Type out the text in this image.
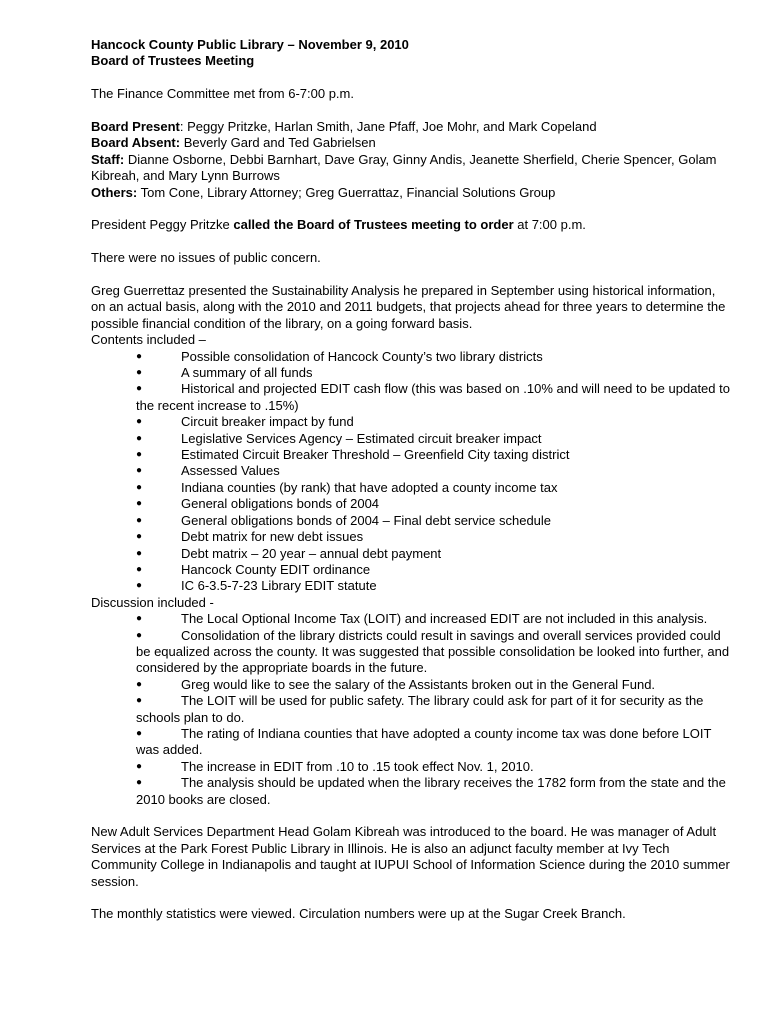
Hancock County Public Library – November 9, 2010

Board of Trustees Meeting

The Finance Committee met from 6-7:00 p.m.

Board Present: Peggy Pritzke, Harlan Smith, Jane Pfaff, Joe Mohr, and Mark Copeland

Board Absent: Beverly Gard and Ted Gabrielsen

Staff: Dianne Osborne, Debbi Barnhart, Dave Gray, Ginny Andis, Jeanette Sherfield, Cherie Spencer, Golam Kibreah, and Mary Lynn Burrows

Others: Tom Cone, Library Attorney; Greg Guerrattaz, Financial Solutions Group

President Peggy Pritzke called the Board of Trustees meeting to order at 7:00 p.m.

There were no issues of public concern.

Greg Guerrettaz presented the Sustainability Analysis he prepared in September using historical information, on an actual basis, along with the 2010 and 2011 budgets, that projects ahead for three years to determine the possible financial condition of the library, on a going forward basis.

Contents included –

●	Possible consolidation of Hancock County’s two library districts
●	A summary of all funds
●	Historical and projected EDIT cash flow (this was based on .10% and will need to be updated to the recent increase to .15%)
●	Circuit breaker impact by fund
●	Legislative Services Agency – Estimated circuit breaker impact
●	Estimated Circuit Breaker Threshold – Greenfield City taxing district
●	Assessed Values
●	Indiana counties (by rank) that have adopted a county income tax
●	General obligations bonds of 2004
●	General obligations bonds of 2004 – Final debt service schedule
●	Debt matrix for new debt issues
●	Debt matrix – 20 year – annual debt payment
●	Hancock County EDIT ordinance
●	IC 6-3.5-7-23 Library EDIT statute

Discussion included -

●	The Local Optional Income Tax (LOIT) and increased EDIT are not included in this analysis.
●	Consolidation of the library districts could result in savings and overall services provided could be equalized across the county. It was suggested that possible consolidation be looked into further, and considered by the appropriate boards in the future.
●	Greg would like to see the salary of the Assistants broken out in the General Fund.
●	The LOIT will be used for public safety. The library could ask for part of it for security as the schools plan to do.
●	The rating of Indiana counties that have adopted a county income tax was done before LOIT was added.
●	The increase in EDIT from .10 to .15 took effect Nov. 1, 2010.
●	The analysis should be updated when the library receives the 1782 form from the state and the 2010 books are closed.

New Adult Services Department Head Golam Kibreah was introduced to the board. He was manager of Adult Services at the Park Forest Public Library in Illinois. He is also an adjunct faculty member at Ivy Tech Community College in Indianapolis and taught at IUPUI School of Information Science during the 2010 summer session.

The monthly statistics were viewed. Circulation numbers were up at the Sugar Creek Branch.
